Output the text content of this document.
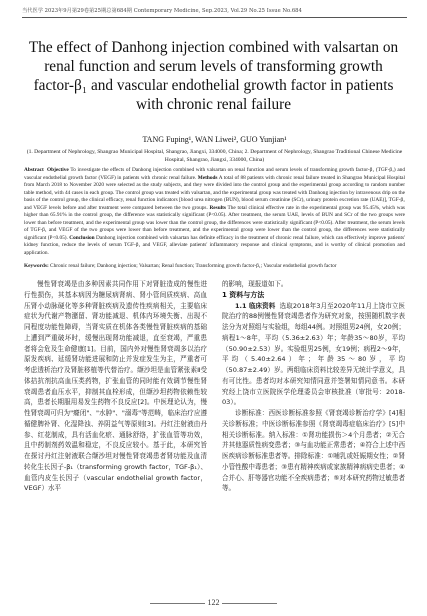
当代医学 2023年9月第29卷第25期总第684期 Contemporary Medicine, Sep.2023, Vol.29 No.25 Issue No.684
The effect of Danhong injection combined with valsartan on renal function and serum levels of transforming growth factor-β₁ and vascular endothelial growth factor in patients with chronic renal failure
TANG Fuping¹, WAN Liwei², GUO Yunjian¹
(1. Department of Nephrology, Shangrao Municipal Hospital, Shangrao, Jiangxi, 334000, China; 2. Department of Nephrology, Shangrao Traditional Chinese Medicine Hospital, Shangrao, Jiangxi, 334000, China)
Abstract Objective To investigate the effects of Danhong injection combined with valsartan on renal function and serum levels of transforming growth factor-β₁ (TGF-β₁) and vascular endothelial growth factor (VEGF) in patients with chronic renal failure. Methods A total of 88 patients with chronic renal failure treated in Shangrao Municipal Hospital from March 2018 to November 2020 were selected as the study subjects, and they were divided into the control group and the experimental group according to random number table method, with 44 cases in each group. The control group was treated with valsartan, and the experimental group was treated with Danhong injection by intravenous drip on the basis of the control group, the clinical efficacy, renal function indicators [blood urea nitrogen (BUN), blood serum creatinine (SCr), urinary protein excretion rate (UAE)], TGF-β₁ and VEGF levels before and after treatment were compared between the two groups. Results The total clinical effective rate in the experimental group was 95.45%, which was higher than 65.91% in the control group, the difference was statistically significant (P<0.05). After treatment, the serum UAE, levels of BUN and SCr of the two groups were lower than before treatment, and the experimental group was lower than the control group, the differences were statistically significant (P<0.05). After treatment, the serum levels of TGF-β₁ and VEGF of the two groups were lower than before treatment, and the experimental group were lower than the control group, the differences were statistically significant (P<0.05). Conclusion Danhong injection combined with valsartan has definite efficacy in the treatment of chronic renal failure, which can effectively improve patients' kidney function, reduce the levels of serum TGF-β₁ and VEGF, alleviate patients' inflammatory response and clinical symptoms, and is worthy of clinical promotion and application.
Keywords: Chronic renal failure; Danhong injection; Valsartan; Renal function; Transforming growth factor-β₁; Vascular endothelial growth factor

慢性肾衰竭是由多种因素共同作用下对肾脏造成的慢性进行性损伤，其基本病因为糖尿病肾病、肾小管间质疾病、高血压肾小动脉硬化等多种肾脏疾病及遗传性疾病相关，主要临床症状为代谢产物潴留、肾功能减退、机体内环境失衡、出现不同程度功能性障碍，当肾实质在机体各类慢性肾脏疾病的基础上遭到严重破坏时，缓慢出现肾功能减退，直至衰竭，严重患者将会危及生命健康[1]。目前，国内外对慢性肾衰竭多以治疗原发疾病、延缓肾功能进展和防止并发症发生为主，严重者可考虑透析治疗及肾脏移植等代替治疗。缬沙坦是血管紧张素Ⅱ受体拮抗剂抗高血压类药物，扩张血管的同时能有效调节慢性肾衰竭患者血压水平，抑制其血栓形成，但缬沙坦药物依赖性较高，患者长期服用易发生药物不良反应[2]。中医理论认为，慢性肾衰竭可归为"癃闭"、"水肿"、"溺毒"等范畴，临床治疗应遵循健脾补肾、化湿降浊、养阴益气等原则[3]。丹红注射液由丹参、红花制成，具有活血化瘀、通脉舒络，扩张血管等功效，且中药制剂药效温和稳定，不良反应较小。基于此，本研究旨在探讨丹红注射液联合缬沙坦对慢性肾衰竭患者肾功能及血清转化生长因子-β₁（transforming growth factor，TGF-β₁）、血管内皮生长因子（vascular endothelial growth factor，VEGF）水平

的影响，现报道如下。

1 资料与方法

1.1 临床资料 选取2018年3月至2020年11月上饶市立医院治疗的88例慢性肾衰竭患者作为研究对象，按照随机数字表法分为对照组与实验组，每组44例。对照组男24例，女20例；病程1～8年，平均（5.36±2.63）年；年龄35～80岁，平均（50.90±2.53）岁。实验组男25例，女19例；病程2～9年，平均（5.40±2.64）年；年龄35～80岁，平均（50.87±2.49）岁。两组临床资料比较差异无统计学意义，具有可比性。患者均对本研究知情同意并签署知情同意书。本研究经上饶市立医院医学伦理委员会审核批准（审批号：2018-03）。

诊断标准：西医诊断标准参照《肾衰竭诊断治疗学》[4]相关诊断标准；中医诊断标准参照《肾衰竭毒症临床治疗》[5]中相关诊断标准。纳入标准：①肾功能损伤＞4个月患者；②无合并其他器质性病变患者；③与血功能正常患者；④符合上述中西医疾病诊断标准患者等。排除标准：①哺乳或妊娠期女性；②肾小管性酸中毒患者；③患有精神疾病或家族精神病病史患者；④合并心、肝等器官功能不全疾病患者；⑤对本研究药物过敏患者等。

122
